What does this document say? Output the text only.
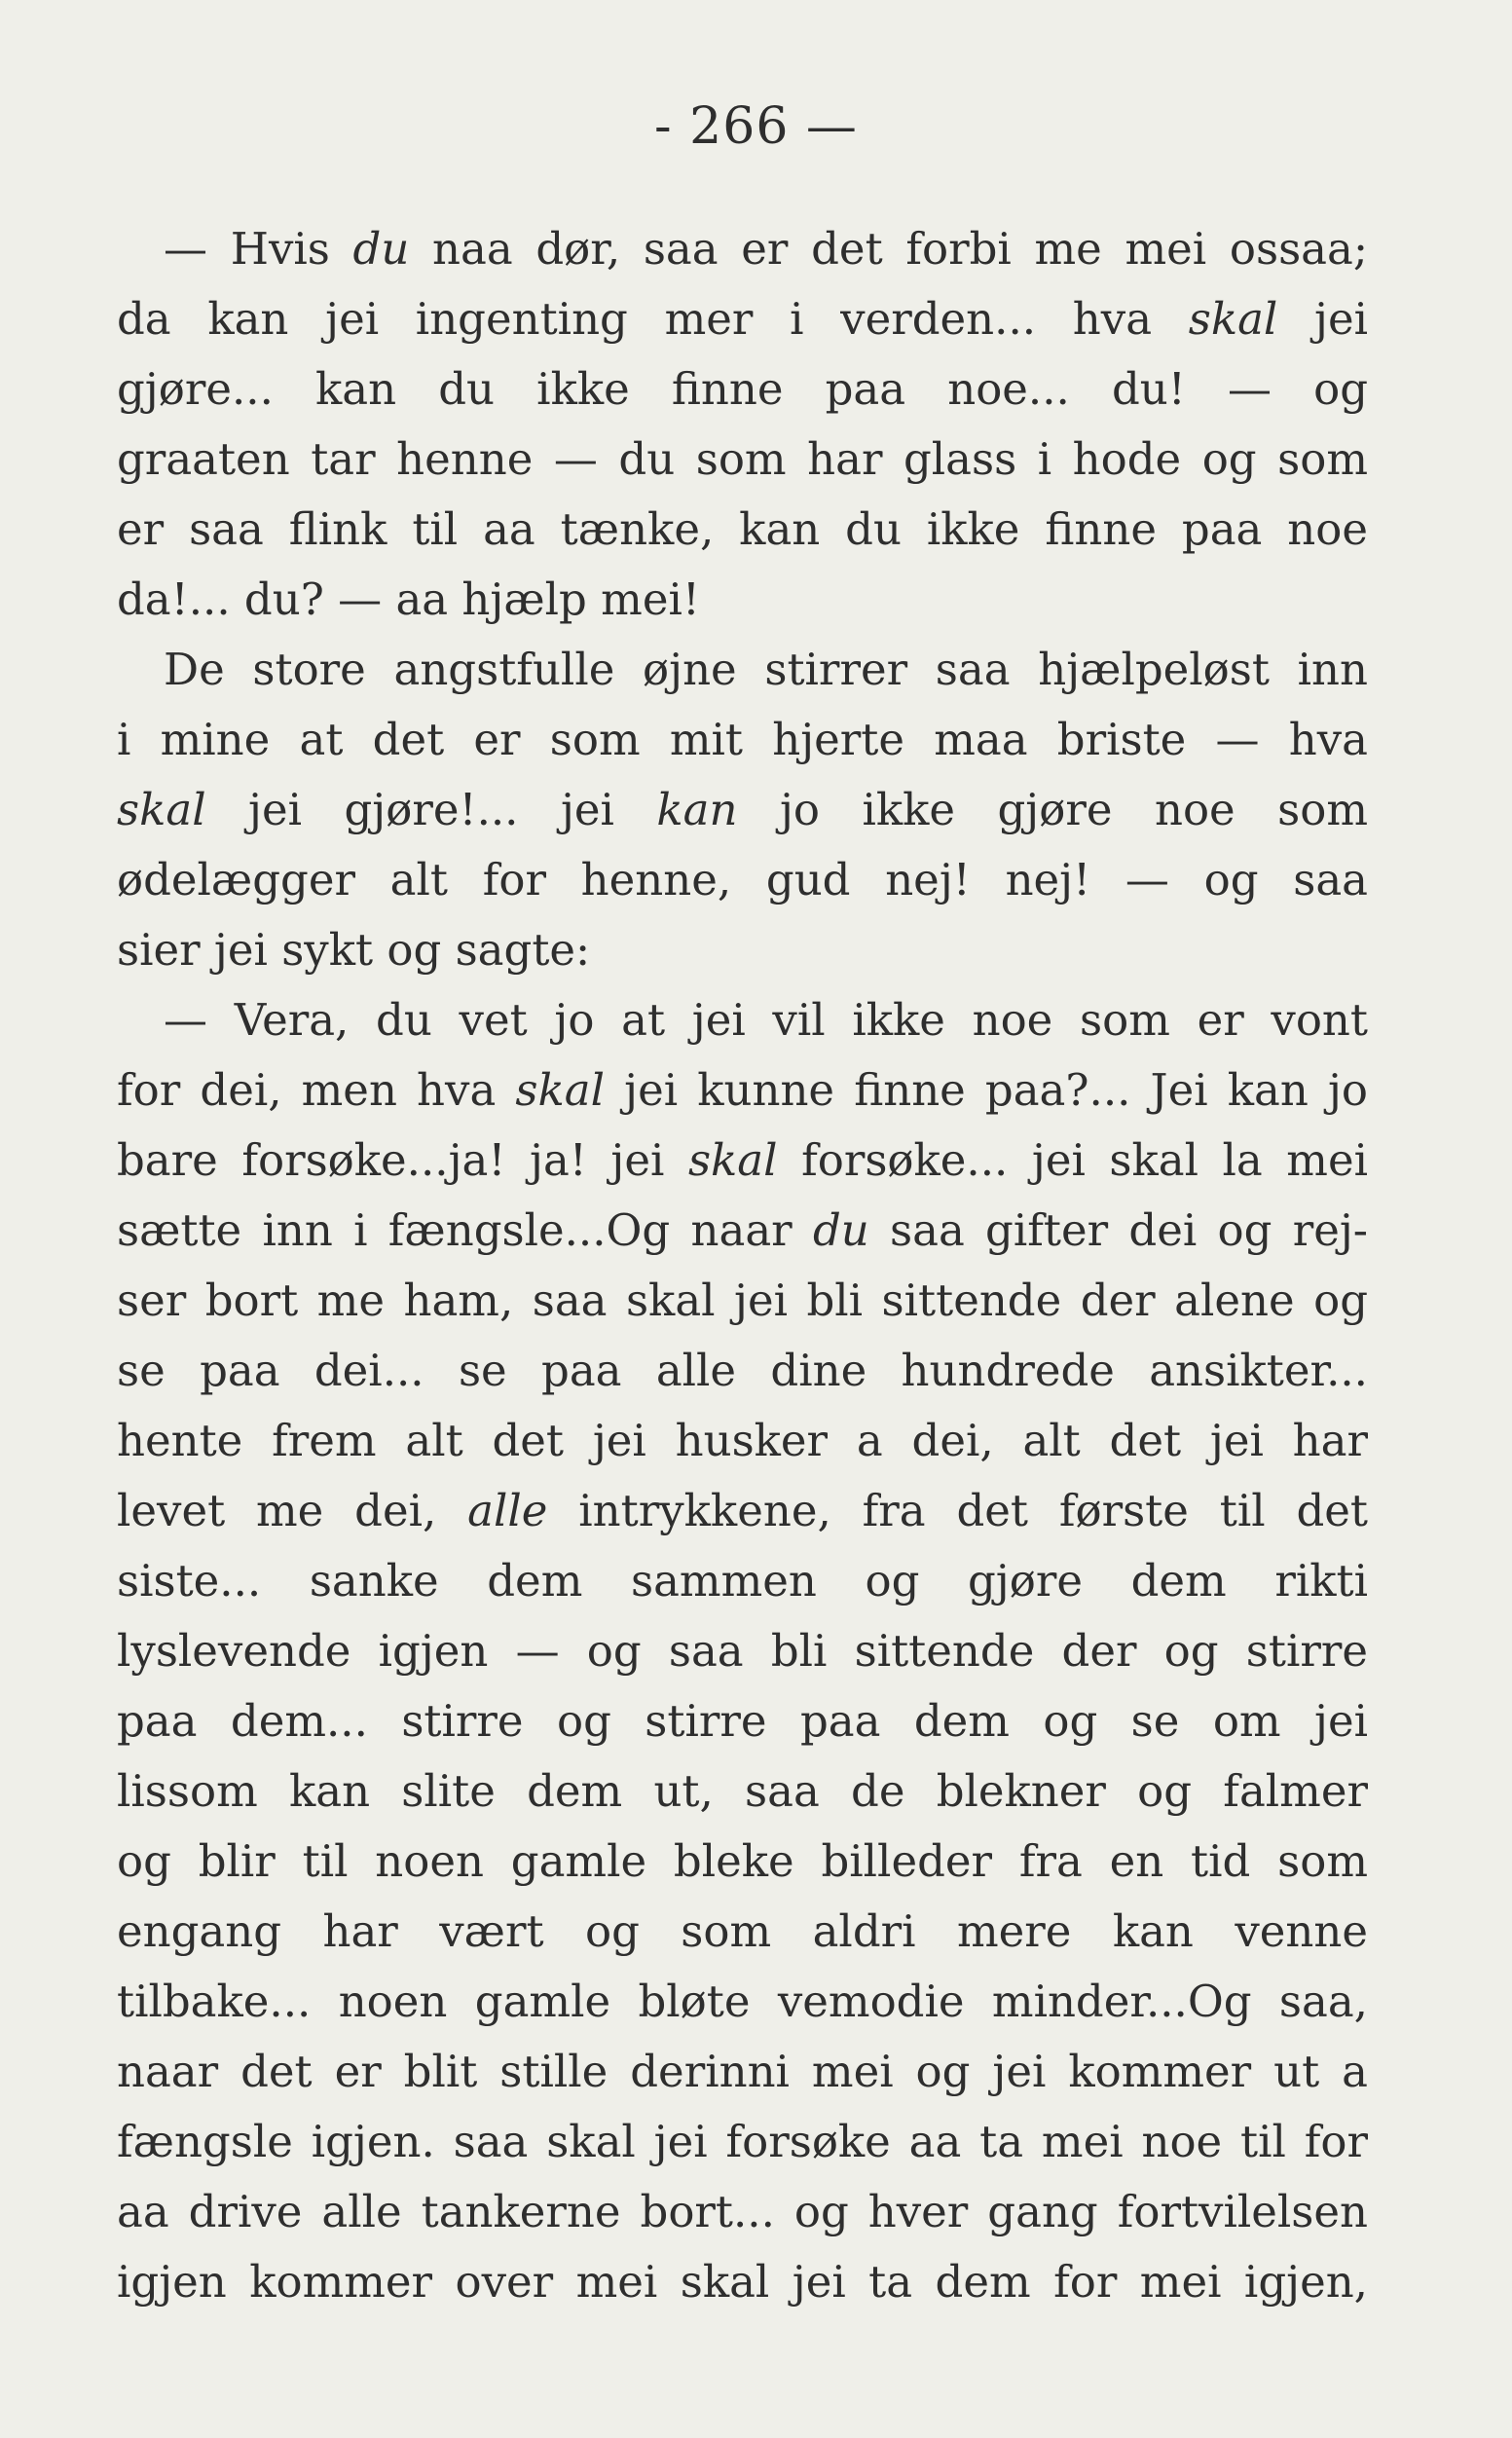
- 266 —
— Hvis du naa dør, saa er det forbi me mei ossaa;
da kan jei ingenting mer i verden... hva skal jei
gjøre... kan du ikke finne paa noe... du! — og
graaten tar henne — du som har glass i hode og som
er saa flink til aa tænke, kan du ikke finne paa noe
da!... du? — aa hjælp mei!
De store angstfulle øjne stirrer saa hjælpeløst inn
i mine at det er som mit hjerte maa briste — hva
skal jei gjøre!... jei kan jo ikke gjøre noe som
ødelægger alt for henne, gud nej! nej! — og saa
sier jei sykt og sagte:
— Vera, du vet jo at jei vil ikke noe som er vont
for dei, men hva skal jei kunne finne paa?... Jei kan jo
bare forsøke...ja! ja! jei skal forsøke... jei skal la mei
sætte inn i fængsle...Og naar du saa gifter dei og rej-
ser bort me ham, saa skal jei bli sittende der alene og
se paa dei... se paa alle dine hundrede ansikter...
hente frem alt det jei husker a dei, alt det jei har
levet me dei, alle intrykkene, fra det første til det
siste... sanke dem sammen og gjøre dem rikti
lyslevende igjen — og saa bli sittende der og stirre
paa dem... stirre og stirre paa dem og se om jei
lissom kan slite dem ut, saa de blekner og falmer
og blir til noen gamle bleke billeder fra en tid som
engang har vært og som aldri mere kan venne
tilbake... noen gamle bløte vemodie minder...Og saa,
naar det er blit stille derinni mei og jei kommer ut a
fængsle igjen. saa skal jei forsøke aa ta mei noe til for
aa drive alle tankerne bort... og hver gang fortvilelsen
igjen kommer over mei skal jei ta dem for mei igjen,
